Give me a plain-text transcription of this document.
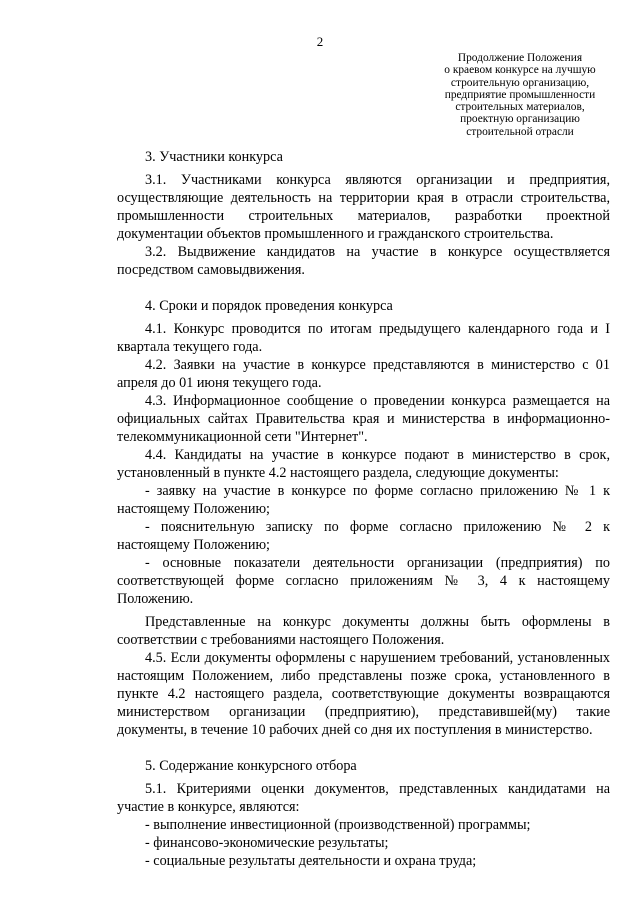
2
Продолжение Положения
о краевом конкурсе на лучшую
строительную организацию,
предприятие промышленности
строительных материалов,
проектную организацию
строительной отрасли

3. Участники конкурса

3.1. Участниками конкурса являются организации и предприятия, осуществляющие деятельность на территории края в отрасли строительства, промышленности строительных материалов, разработки проектной документации объектов промышленного и гражданского строительства.

3.2. Выдвижение кандидатов на участие в конкурсе осуществляется посредством самовыдвижения.

4. Сроки и порядок проведения конкурса

4.1. Конкурс проводится по итогам предыдущего календарного года и I квартала текущего года.

4.2. Заявки на участие в конкурсе представляются в министерство с 01 апреля до 01 июня текущего года.

4.3. Информационное сообщение о проведении конкурса размещается на официальных сайтах Правительства края и министерства в информационно-телекоммуникационной сети "Интернет".

4.4. Кандидаты на участие в конкурсе подают в министерство в срок, установленный в пункте 4.2 настоящего раздела, следующие документы:

- заявку на участие в конкурсе по форме согласно приложению № 1 к настоящему Положению;

- пояснительную записку по форме согласно приложению № 2 к настоящему Положению;

- основные показатели деятельности организации (предприятия) по соответствующей форме согласно приложениям № 3, 4 к настоящему Положению.

Представленные на конкурс документы должны быть оформлены в соответствии с требованиями настоящего Положения.

4.5. Если документы оформлены с нарушением требований, установленных настоящим Положением, либо представлены позже срока, установленного в пункте 4.2 настоящего раздела, соответствующие документы возвращаются министерством организации (предприятию), представившей(му) такие документы, в течение 10 рабочих дней со дня их поступления в министерство.

5. Содержание конкурсного отбора

5.1. Критериями оценки документов, представленных кандидатами на участие в конкурсе, являются:

- выполнение инвестиционной (производственной) программы;

- финансово-экономические результаты;

- социальные результаты деятельности и охрана труда;
